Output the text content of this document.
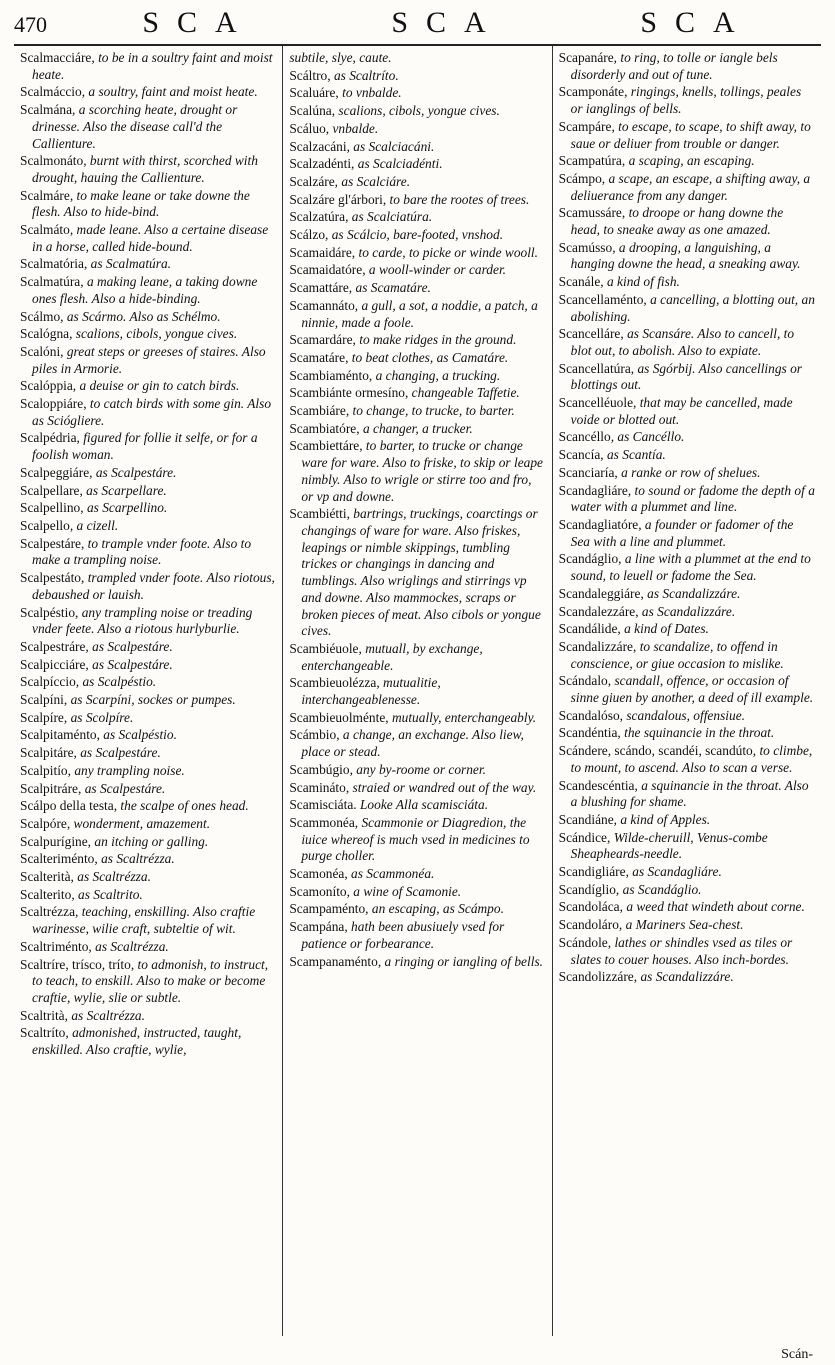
470	SCA	SCA	SCA

Scalmacciáre, to be in a soultry faint and moist heate.

Scalmáccio, a soultry, faint and moist heate.

Scalmána, a scorching heate, drought or drinesse. Also the disease call'd the Callienture.

Scalmonáto, burnt with thirst, scorched with drought, hauing the Callienture.

Scalmáre, to make leane or take downe the flesh. Also to hide-bind.

Scalmáto, made leane. Also a certaine disease in a horse, called hide-bound.

Scalmatória, as Scalmatúra.

Scalmatúra, a making leane, a taking downe ones flesh. Also a hide-binding.

Scálmo, as Scármo. Also as Schélmo.

Scalógna, scalions, cibols, yongue cives.

Scalóni, great steps or greeses of staires. Also piles in Armorie.

Scalóppia, a deuise or gin to catch birds.

Scaloppiáre, to catch birds with some gin. Also as Sciógliere.

Scalpédria, figured for follie it selfe, or for a foolish woman.

Scalpeggiáre, as Scalpestáre.

Scalpellare, as Scarpellare.

Scalpellino, as Scarpellino.

Scalpello, a cizell.

Scalpestáre, to trample vnder foote. Also to make a trampling noise.

Scalpestáto, trampled vnder foote. Also riotous, debaushed or lauish.

Scalpéstio, any trampling noise or treading vnder feete. Also a riotous hurlyburlie.

Scalpestráre, as Scalpestáre.

Scalpicciáre, as Scalpestáre.

Scalpíccio, as Scalpéstio.

Scalpíni, as Scarpíni, sockes or pumpes.

Scalpíre, as Scolpíre.

Scalpitaménto, as Scalpéstio.

Scalpitáre, as Scalpestáre.

Scalpitío, any trampling noise.

Scalpitráre, as Scalpestáre.

Scálpo della testa, the scalpe of ones head.

Scalpóre, wonderment, amazement.

Scalpurígine, an itching or galling.

Scalteriménto, as Scaltrézza.

Scalterità, as Scaltrézza.

Scalterito, as Scaltrito.

Scaltrézza, teaching, enskilling. Also craftie warinesse, wilie craft, subteltie of wit.

Scaltriménto, as Scaltrézza.

Scaltríre, trísco, tríto, to admonish, to instruct, to teach, to enskill. Also to make or become craftie, wylie, slie or subtle.

Scaltrità, as Scaltrézza.

Scaltríto, admonished, instructed, taught, enskilled. Also craftie, wylie,

subtile, slye, caute.

Scáltro, as Scaltríto.

Scaluáre, to vnbalde.

Scalúna, scalions, cibols, yongue cives.

Scáluo, vnbalde.

Scalzacáni, as Scalciacáni.

Scalzadénti, as Scalciadénti.

Scalzáre, as Scalciáre.

Scalzáre gl'árbori, to bare the rootes of trees.

Scalzatúra, as Scalciatúra.

Scálzo, as Scálcio, bare-footed, vnshod.

Scamaidáre, to carde, to picke or winde wooll.

Scamaidatóre, a wooll-winder or carder.

Scamattáre, as Scamatáre.

Scamannáto, a gull, a sot, a noddie, a patch, a ninnie, made a foole.

Scamardáre, to make ridges in the ground.

Scamatáre, to beat clothes, as Camatáre.

Scambiaménto, a changing, a trucking.

Scambiánte ormesíno, changeable Taffetie.

Scambiáre, to change, to trucke, to barter.

Scambiatóre, a changer, a trucker.

Scambiettáre, to barter, to trucke or change ware for ware. Also to friske, to skip or leape nimbly. Also to wrigle or stirre too and fro, or vp and downe.

Scambiétti, bartrings, truckings, coarctings or changings of ware for ware. Also friskes, leapings or nimble skippings, tumbling trickes or changings in dancing and tumblings. Also wriglings and stirrings vp and downe. Also mammockes, scraps or broken pieces of meat. Also cibols or yongue cives.

Scambiéuole, mutuall, by exchange, enterchangeable.

Scambieuolézza, mutualitie, interchangeablenesse.

Scambieuolménte, mutually, enterchangeably.

Scámbio, a change, an exchange. Also liew, place or stead.

Scambúgio, any by-roome or corner.

Scamináto, straied or wandred out of the way.

Scamisciáta. Looke Alla scamisciáta.

Scammonéa, Scammonie or Diagredion, the iuice whereof is much vsed in medicines to purge choller.

Scamonéa, as Scammonéa.

Scamoníto, a wine of Scamonie.

Scampaménto, an escaping, as Scámpo.

Scampána, hath been abusiuely vsed for patience or forbearance.

Scampanaménto, a ringing or iangling of bells.

Scapanáre, to ring, to tolle or iangle bels disorderly and out of tune.

Scamponáte, ringings, knells, tollings, peales or ianglings of bells.

Scampáre, to escape, to scape, to shift away, to saue or deliuer from trouble or danger.

Scampatúra, a scaping, an escaping.

Scámpo, a scape, an escape, a shifting away, a deliuerance from any danger.

Scamussáre, to droope or hang downe the head, to sneake away as one amazed.

Scamússo, a drooping, a languishing, a hanging downe the head, a sneaking away.

Scanále, a kind of fish.

Scancellaménto, a cancelling, a blotting out, an abolishing.

Scancelláre, as Scansáre. Also to cancell, to blot out, to abolish. Also to expiate.

Scancellatúra, as Sgórbij. Also cancellings or blottings out.

Scancelléuole, that may be cancelled, made voide or blotted out.

Scancéllo, as Cancéllo.

Scancía, as Scantía.

Scanciaría, a ranke or row of shelues.

Scandagliáre, to sound or fadome the depth of a water with a plummet and line.

Scandagliatóre, a founder or fadomer of the Sea with a line and plummet.

Scandáglio, a line with a plummet at the end to sound, to leuell or fadome the Sea.

Scandaleggiáre, as Scandalizzáre.

Scandalezzáre, as Scandalizzáre.

Scandálide, a kind of Dates.

Scandalizzáre, to scandalize, to offend in conscience, or giue occasion to mislike.

Scándalo, scandall, offence, or occasion of sinne giuen by another, a deed of ill example.

Scandalóso, scandalous, offensiue.

Scandéntia, the squinancie in the throat.

Scándere, scándo, scandéi, scandúto, to climbe, to mount, to ascend. Also to scan a verse.

Scandescéntia, a squinancie in the throat. Also a blushing for shame.

Scandiáne, a kind of Apples.

Scándice, Wilde-cheruill, Venus-combe Sheapheards-needle.

Scandigliáre, as Scandagliáre.

Scandíglio, as Scandáglio.

Scandoláca, a weed that windeth about corne.

Scandoláro, a Mariners Sea-chest.

Scándole, lathes or shindles vsed as tiles or slates to couer houses. Also inch-bordes.

Scandolizzáre, as Scandalizzáre.

Scán-
